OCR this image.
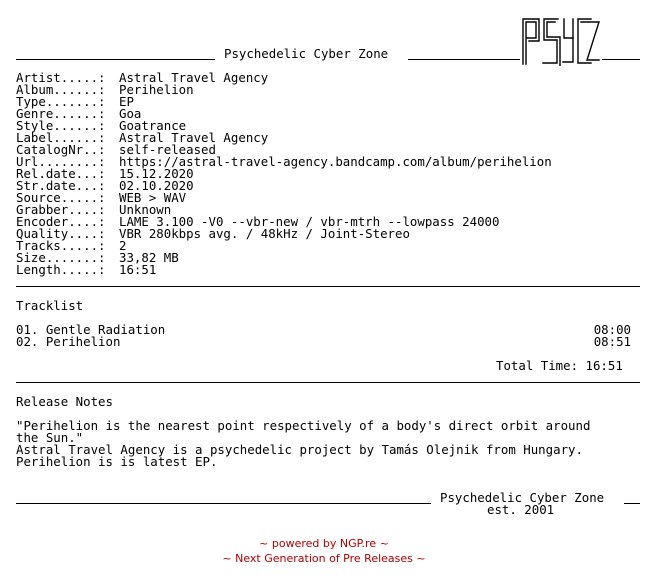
Psychedelic Cyber Zone
Artist.....:	Astral Travel Agency
Album......:	Perihelion
Type.......:	EP
Genre......:	Goa
Style......:	Goatrance
Label......:	Astral Travel Agency
CatalogNr..:	self-released
Url........:	https://astral-travel-agency.bandcamp.com/album/perihelion
Rel.date...:	15.12.2020
Str.date...:	02.10.2020
Source.....:	WEB > WAV
Grabber....:	Unknown
Encoder....:	LAME 3.100 -V0 --vbr-new / vbr-mtrh --lowpass 24000
Quality....:	VBR 280kbps avg. / 48kHz / Joint-Stereo
Tracks.....:	2
Size.......:	33,82 MB
Length.....:	16:51
Tracklist
01. Gentle Radiation	08:00
02. Perihelion	08:51
Total Time: 16:51
Release Notes
"Perihelion is the nearest point respectively of a body's direct orbit around
the Sun."
Astral Travel Agency is a psychedelic project by Tamás Olejnik from Hungary.
Perihelion is is latest EP.
Psychedelic Cyber Zone
est. 2001
~ powered by NGP.re ~
~ Next Generation of Pre Releases ~
